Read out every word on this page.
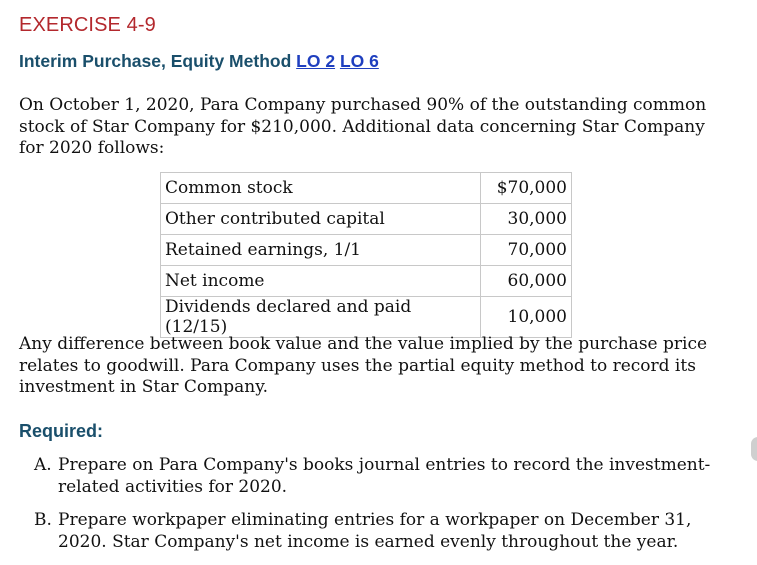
EXERCISE 4-9
Interim Purchase, Equity Method LO 2 LO 6

On October 1, 2020, Para Company purchased 90% of the outstanding common stock of Star Company for $210,000. Additional data concerning Star Company for 2020 follows:

Common stock	$70,000
Other contributed capital	30,000
Retained earnings, 1/1	70,000
Net income	60,000
Dividends declared and paid (12/15)	10,000

Any difference between book value and the value implied by the purchase price relates to goodwill. Para Company uses the partial equity method to record its investment in Star Company.

Required:
A. Prepare on Para Company's books journal entries to record the investment-related activities for 2020.
B. Prepare workpaper eliminating entries for a workpaper on December 31, 2020. Star Company's net income is earned evenly throughout the year.
